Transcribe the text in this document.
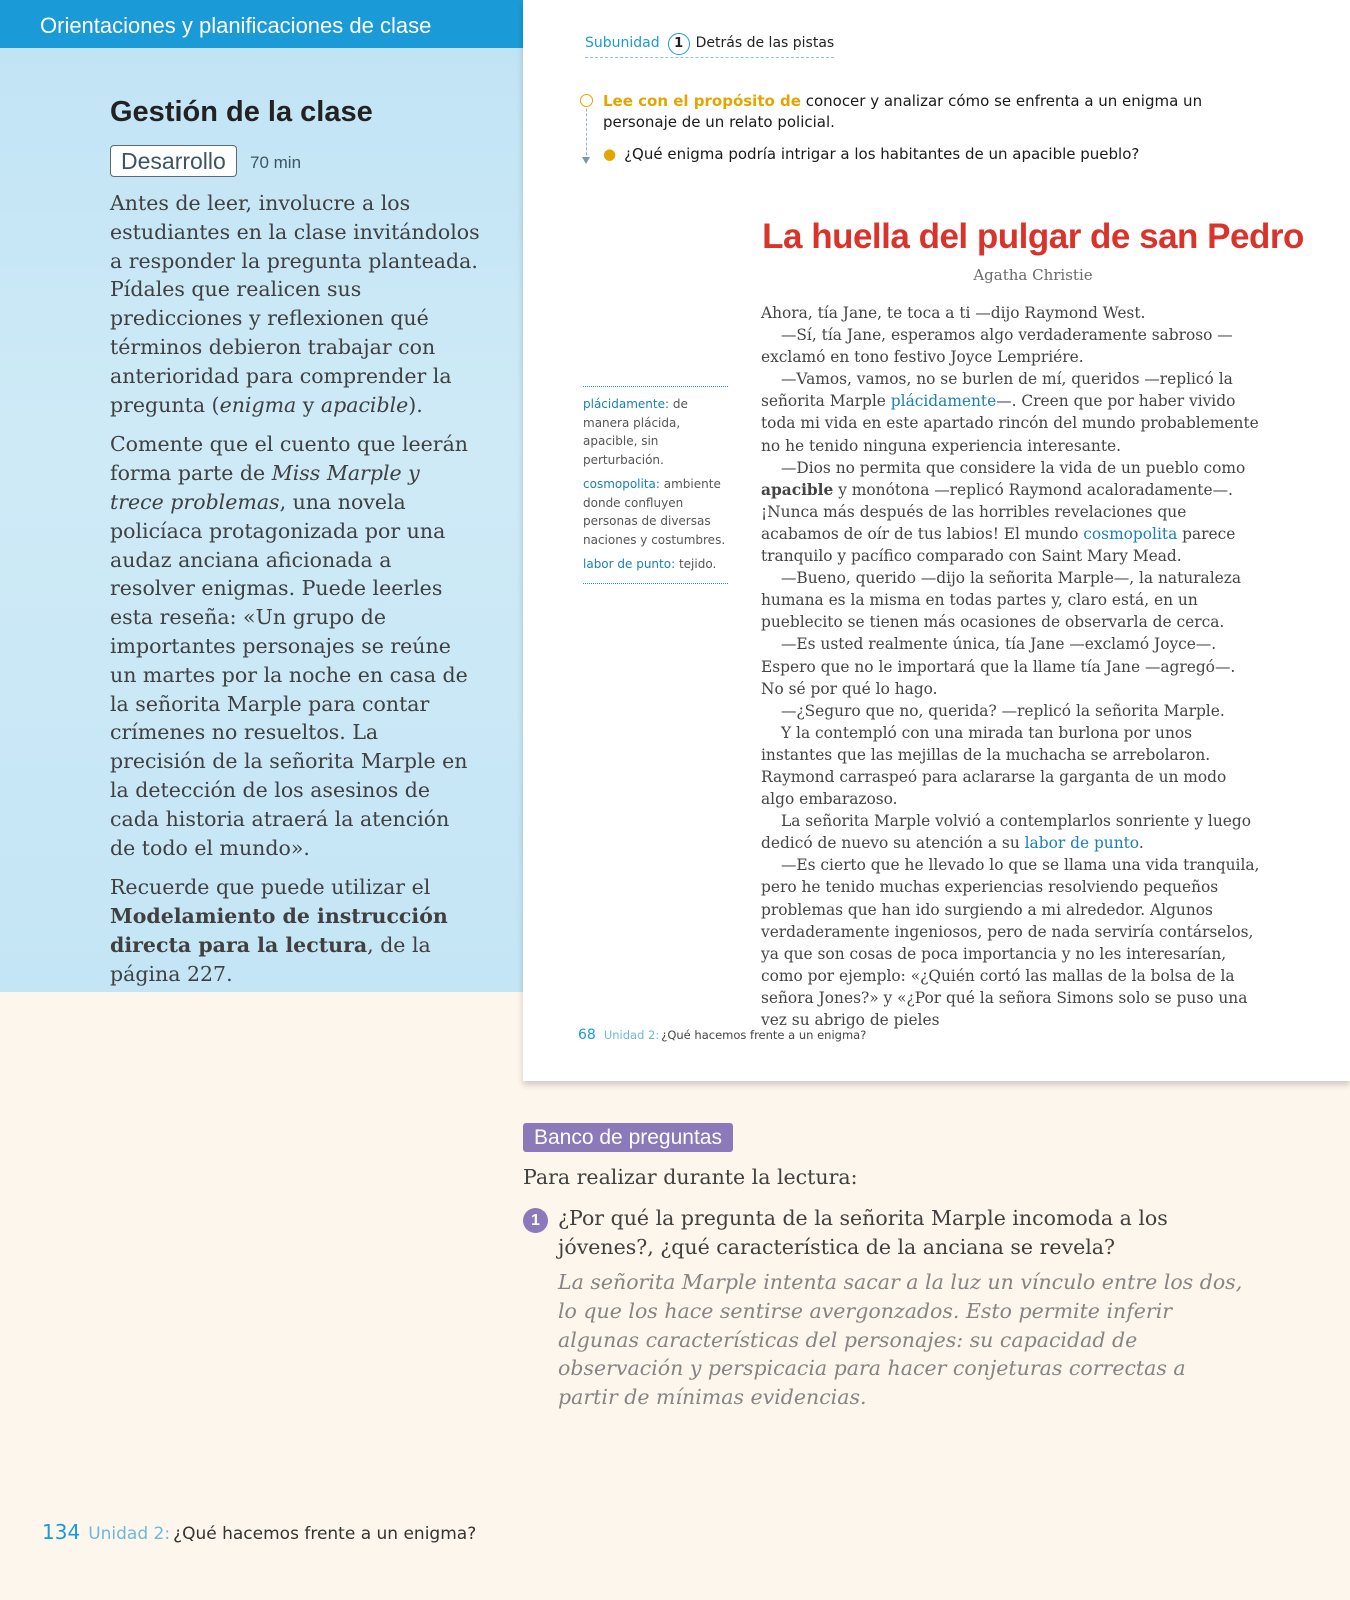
Orientaciones y planificaciones de clase
Gestión de la clase
Desarrollo	70 min

Antes de leer, involucre a los estudiantes en la clase invitándolos a responder la pregunta planteada. Pídales que realicen sus predicciones y reflexionen qué términos debieron trabajar con anterioridad para comprender la pregunta (enigma y apacible).

Comente que el cuento que leerán forma parte de Miss Marple y trece problemas, una novela policíaca protagonizada por una audaz anciana aficionada a resolver enigmas. Puede leerles esta reseña: «Un grupo de importantes personajes se reúne un martes por la noche en casa de la señorita Marple para contar crímenes no resueltos. La precisión de la señorita Marple en la detección de los asesinos de cada historia atraerá la atención de todo el mundo».

Recuerde que puede utilizar el Modelamiento de instrucción directa para la lectura, de la página 227.

Subunidad 1 Detrás de las pistas
Lee con el propósito de conocer y analizar cómo se enfrenta a un enigma un personaje de un relato policial.
● ¿Qué enigma podría intrigar a los habitantes de un apacible pueblo?
La huella del pulgar de san Pedro
Agatha Christie

plácidamente: de manera plácida, apacible, sin perturbación.

cosmopolita: ambiente donde confluyen personas de diversas naciones y costumbres.

labor de punto: tejido.

Ahora, tía Jane, te toca a ti —dijo Raymond West.

—Sí, tía Jane, esperamos algo verdaderamente sabroso —exclamó en tono festivo Joyce Lempriére.

—Vamos, vamos, no se burlen de mí, queridos —replicó la señorita Marple plácidamente—. Creen que por haber vivido toda mi vida en este apartado rincón del mundo probablemente no he tenido ninguna experiencia interesante.

—Dios no permita que considere la vida de un pueblo como apacible y monótona —replicó Raymond acaloradamente—. ¡Nunca más después de las horribles revelaciones que acabamos de oír de tus labios! El mundo cosmopolita parece tranquilo y pacífico comparado con Saint Mary Mead.

—Bueno, querido —dijo la señorita Marple—, la naturaleza humana es la misma en todas partes y, claro está, en un pueblecito se tienen más ocasiones de observarla de cerca.

—Es usted realmente única, tía Jane —exclamó Joyce—. Espero que no le importará que la llame tía Jane —agregó—. No sé por qué lo hago.

—¿Seguro que no, querida? —replicó la señorita Marple.

Y la contempló con una mirada tan burlona por unos instantes que las mejillas de la muchacha se arrebolaron. Raymond carraspeó para aclararse la garganta de un modo algo embarazoso.

La señorita Marple volvió a contemplarlos sonriente y luego dedicó de nuevo su atención a su labor de punto.

—Es cierto que he llevado lo que se llama una vida tranquila, pero he tenido muchas experiencias resolviendo pequeños problemas que han ido surgiendo a mi alrededor. Algunos verdaderamente ingeniosos, pero de nada serviría contárselos, ya que son cosas de poca importancia y no les interesarían, como por ejemplo: «¿Quién cortó las mallas de la bolsa de la señora Jones?» y «¿Por qué la señora Simons solo se puso una vez su abrigo de pieles

68 Unidad 2: ¿Qué hacemos frente a un enigma?
Banco de preguntas
Para realizar durante la lectura:
1 ¿Por qué la pregunta de la señorita Marple incomoda a los jóvenes?, ¿qué característica de la anciana se revela?
La señorita Marple intenta sacar a la luz un vínculo entre los dos, lo que los hace sentirse avergonzados. Esto permite inferir algunas características del personajes: su capacidad de observación y perspicacia para hacer conjeturas correctas a partir de mínimas evidencias.
134 Unidad 2: ¿Qué hacemos frente a un enigma?
